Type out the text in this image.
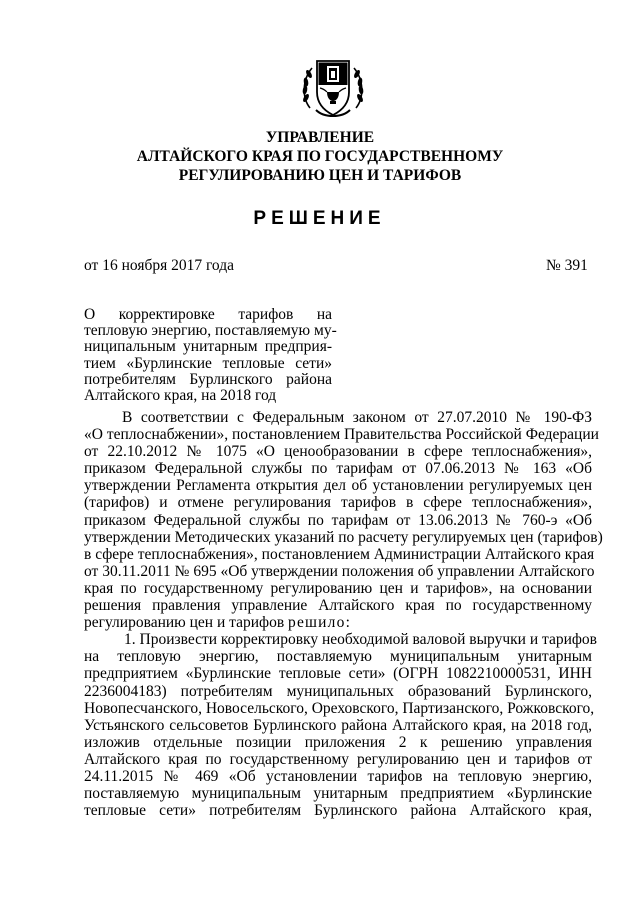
УПРАВЛЕНИЕ
АЛТАЙСКОГО КРАЯ ПО ГОСУДАРСТВЕННОМУ
РЕГУЛИРОВАНИЮ ЦЕН И ТАРИФОВ
РЕШЕНИЕ
от 16 ноября 2017 года	№ 391
О корректировке тарифов на
тепловую энергию, поставляемую му-
ниципальным унитарным предприя-
тием «Бурлинские тепловые сети»
потребителям Бурлинского района
Алтайского края, на 2018 год
В соответствии с Федеральным законом от 27.07.2010 № 190-ФЗ
«О теплоснабжении», постановлением Правительства Российской Федерации
от 22.10.2012 № 1075 «О ценообразовании в сфере теплоснабжения»,
приказом Федеральной службы по тарифам от 07.06.2013 № 163 «Об
утверждении Регламента открытия дел об установлении регулируемых цен
(тарифов) и отмене регулирования тарифов в сфере теплоснабжения»,
приказом Федеральной службы по тарифам от 13.06.2013 № 760-э «Об
утверждении Методических указаний по расчету регулируемых цен (тарифов)
в сфере теплоснабжения», постановлением Администрации Алтайского края
от 30.11.2011 № 695 «Об утверждении положения об управлении Алтайского
края по государственному регулированию цен и тарифов», на основании
решения правления управление Алтайского края по государственному
регулированию цен и тарифов решило:
1. Произвести корректировку необходимой валовой выручки и тарифов
на тепловую энергию, поставляемую муниципальным унитарным
предприятием «Бурлинские тепловые сети» (ОГРН 1082210000531, ИНН
2236004183) потребителям муниципальных образований Бурлинского,
Новопесчанского, Новосельского, Ореховского, Партизанского, Рожковского,
Устьянского сельсоветов Бурлинского района Алтайского края, на 2018 год,
изложив отдельные позиции приложения 2 к решению управления
Алтайского края по государственному регулированию цен и тарифов от
24.11.2015 № 469 «Об установлении тарифов на тепловую энергию,
поставляемую муниципальным унитарным предприятием «Бурлинские
тепловые сети» потребителям Бурлинского района Алтайского края,
